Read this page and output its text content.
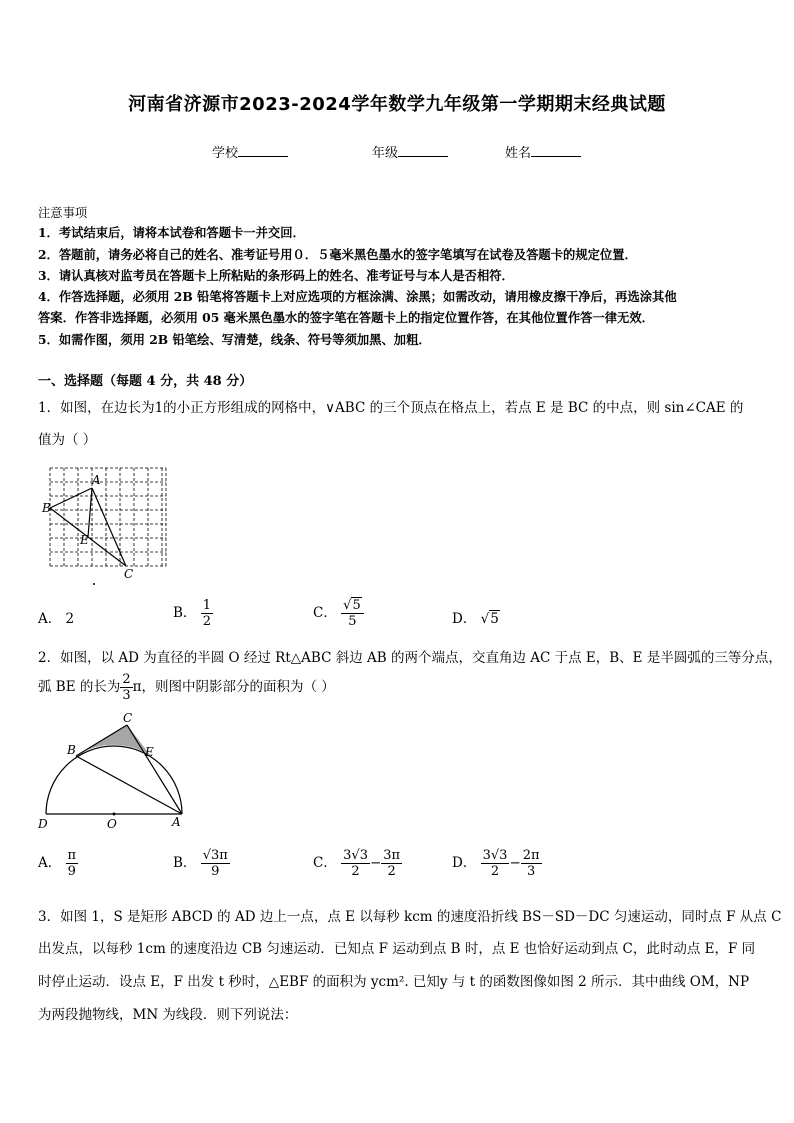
河南省济源市2023-2024学年数学九年级第一学期期末经典试题
学校	年级	姓名
注意事项
1．考试结束后，请将本试卷和答题卡一并交回．
2．答题前，请务必将自己的姓名、准考证号用０．５毫米黑色墨水的签字笔填写在试卷及答题卡的规定位置．
3．请认真核对监考员在答题卡上所粘贴的条形码上的姓名、准考证号与本人是否相符．
4．作答选择题，必须用 2B 铅笔将答题卡上对应选项的方框涂满、涂黑；如需改动，请用橡皮擦干净后，再选涂其他
答案．作答非选择题，必须用 05 毫米黑色墨水的签字笔在答题卡上的指定位置作答，在其他位置作答一律无效．
5．如需作图，须用 2B 铅笔绘、写清楚，线条、符号等须加黑、加粗．
一、选择题（每题 4 分，共 48 分）
1．如图，在边长为1的小正方形组成的网格中，∨ABC 的三个顶点在格点上，若点 E 是 BC 的中点，则 sin∠CAE 的
值为（ ）
A
B
E
C
A． 2	B． $\frac{1}{2}$	C． $\frac{√5}{5}$	D． √5
2．如图，以 AD 为直径的半圆 O 经过 Rt△ABC 斜边 AB 的两个端点，交直角边 AC 于点 E，B、E 是半圆弧的三等分点，
弧 BE 的长为 $\frac{2}{3}$ π，则图中阴影部分的面积为（ ）
C
B	E
D	O	A
A． $\frac{\pi}{9}$	B． $\frac{√3\pi}{9}$	C． $\frac{3√3}{2} - \frac{3\pi}{2}$	D． $\frac{3√3}{2} - \frac{2\pi}{3}$
3．如图 1，S 是矩形 ABCD 的 AD 边上一点，点 E 以每秒 kcm 的速度沿折线 BS－SD－DC 匀速运动，同时点 F 从点 C
出发点，以每秒 1cm 的速度沿边 CB 匀速运动．已知点 F 运动到点 B 时，点 E 也恰好运动到点 C，此时动点 E，F 同
时停止运动．设点 E，F 出发 t 秒时，△EBF 的面积为 ycm². 已知y 与 t 的函数图像如图 2 所示．其中曲线 OM，NP
为两段抛物线，MN 为线段．则下列说法：
